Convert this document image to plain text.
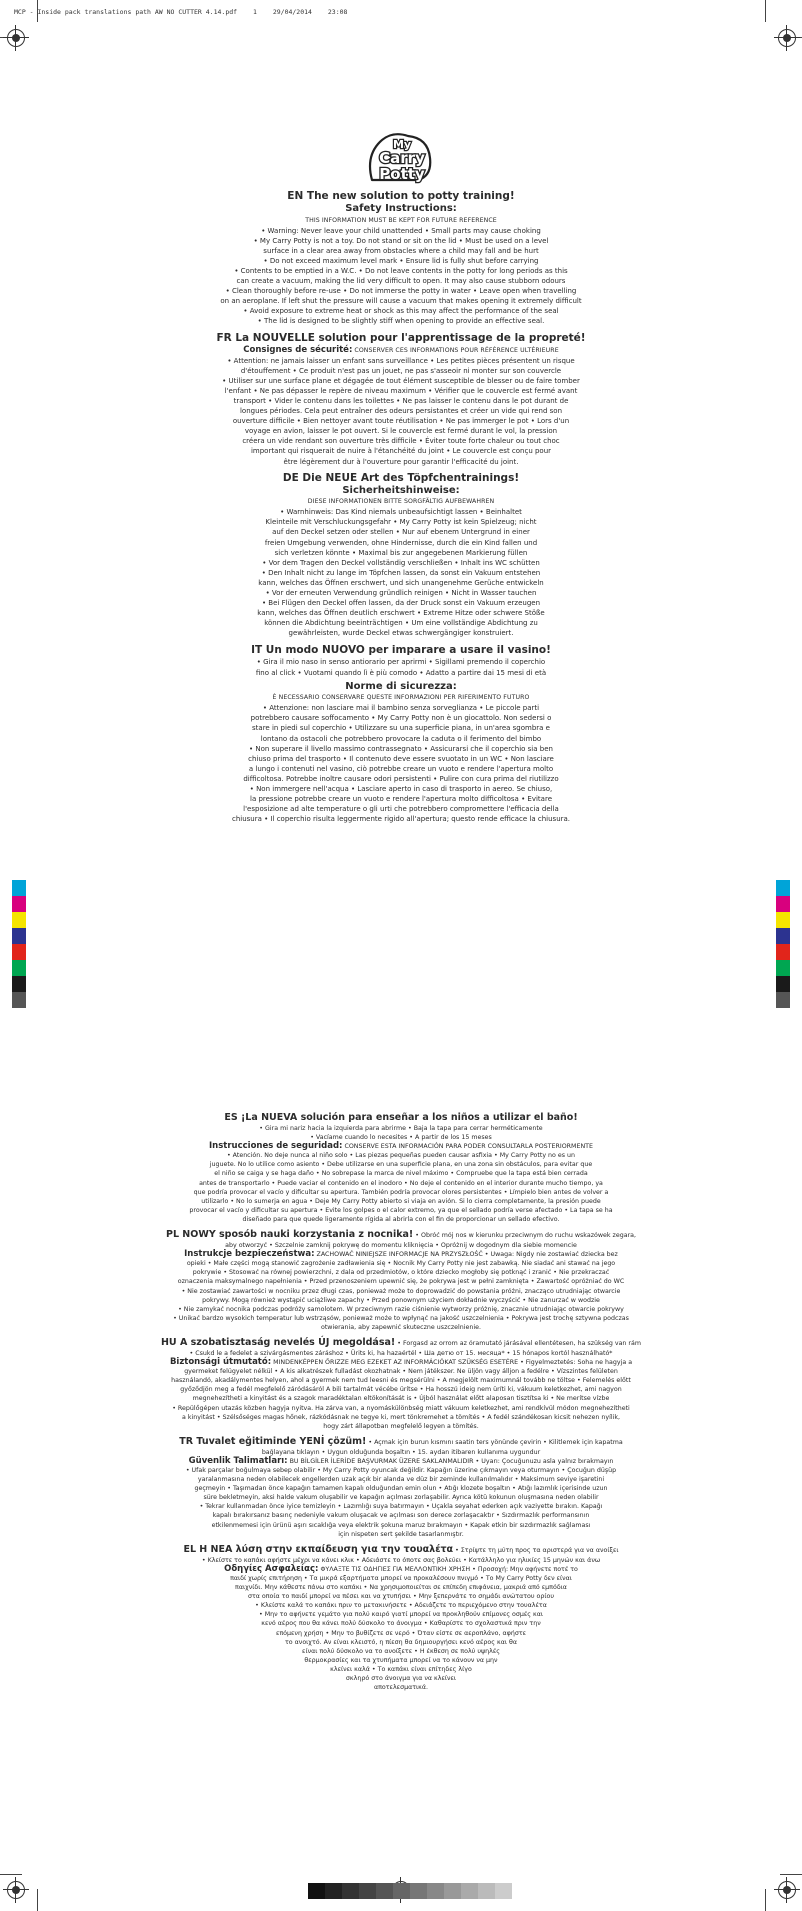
MCP - Inside pack translations path AW NO CUTTER 4.14.pdf 1 29/04/2014 23:08
My
Carry
Potty

EN The new solution to potty training!

Safety Instructions:

THIS INFORMATION MUST BE KEPT FOR FUTURE REFERENCE

• Warning: Never leave your child unattended • Small parts may cause choking

• My Carry Potty is not a toy. Do not stand or sit on the lid • Must be used on a level

surface in a clear area away from obstacles where a child may fall and be hurt

• Do not exceed maximum level mark • Ensure lid is fully shut before carrying

• Contents to be emptied in a W.C. • Do not leave contents in the potty for long periods as this

can create a vacuum, making the lid very difficult to open. It may also cause stubborn odours

• Clean thoroughly before re-use • Do not immerse the potty in water • Leave open when travelling

on an aeroplane. If left shut the pressure will cause a vacuum that makes opening it extremely difficult

• Avoid exposure to extreme heat or shock as this may affect the performance of the seal

• The lid is designed to be slightly stiff when opening to provide an effective seal.

FR La NOUVELLE solution pour l'apprentissage de la propreté!

Consignes de sécurité: CONSERVER CES INFORMATIONS POUR RÉFÉRENCE ULTÉRIEURE

• Attention: ne jamais laisser un enfant sans surveillance • Les petites pièces présentent un risque

d'étouffement • Ce produit n'est pas un jouet, ne pas s'asseoir ni monter sur son couvercle

• Utiliser sur une surface plane et dégagée de tout élément susceptible de blesser ou de faire tomber

l'enfant • Ne pas dépasser le repère de niveau maximum • Vérifier que le couvercle est fermé avant

transport • Vider le contenu dans les toilettes • Ne pas laisser le contenu dans le pot durant de

longues périodes. Cela peut entraîner des odeurs persistantes et créer un vide qui rend son

ouverture difficile • Bien nettoyer avant toute réutilisation • Ne pas immerger le pot • Lors d'un

voyage en avion, laisser le pot ouvert. Si le couvercle est fermé durant le vol, la pression

créera un vide rendant son ouverture très difficile • Éviter toute forte chaleur ou tout choc

important qui risquerait de nuire à l'étanchéité du joint • Le couvercle est conçu pour

être légèrement dur à l'ouverture pour garantir l'efficacité du joint.

DE Die NEUE Art des Töpfchentrainings!

Sicherheitshinweise:

DIESE INFORMATIONEN BITTE SORGFÄLTIG AUFBEWAHREN

• Warnhinweis: Das Kind niemals unbeaufsichtigt lassen • Beinhaltet

Kleinteile mit Verschluckungsgefahr • My Carry Potty ist kein Spielzeug; nicht

auf den Deckel setzen oder stellen • Nur auf ebenem Untergrund in einer

freien Umgebung verwenden, ohne Hindernisse, durch die ein Kind fallen und

sich verletzen könnte • Maximal bis zur angegebenen Markierung füllen

• Vor dem Tragen den Deckel vollständig verschließen • Inhalt ins WC schütten

• Den Inhalt nicht zu lange im Töpfchen lassen, da sonst ein Vakuum entstehen

kann, welches das Öffnen erschwert, und sich unangenehme Gerüche entwickeln

• Vor der erneuten Verwendung gründlich reinigen • Nicht in Wasser tauchen

• Bei Flügen den Deckel offen lassen, da der Druck sonst ein Vakuum erzeugen

kann, welches das Öffnen deutlich erschwert • Extreme Hitze oder schwere Stöße

können die Abdichtung beeinträchtigen • Um eine vollständige Abdichtung zu

gewährleisten, wurde Deckel etwas schwergängiger konstruiert.

IT Un modo NUOVO per imparare a usare il vasino!

• Gira il mio naso in senso antiorario per aprirmi • Sigillami premendo il coperchio

fino al click • Vuotami quando lì è più comodo • Adatto a partire dai 15 mesi di età

Norme di sicurezza:

È NECESSARIO CONSERVARE QUESTE INFORMAZIONI PER RIFERIMENTO FUTURO

• Attenzione: non lasciare mai il bambino senza sorveglianza • Le piccole parti

potrebbero causare soffocamento • My Carry Potty non è un giocattolo. Non sedersi o

stare in piedi sul coperchio • Utilizzare su una superficie piana, in un'area sgombra e

lontano da ostacoli che potrebbero provocare la caduta o il ferimento del bimbo

• Non superare il livello massimo contrassegnato • Assicurarsi che il coperchio sia ben

chiuso prima del trasporto • Il contenuto deve essere svuotato in un WC • Non lasciare

a lungo i contenuti nel vasino, ciò potrebbe creare un vuoto e rendere l'apertura molto

difficoltosa. Potrebbe inoltre causare odori persistenti • Pulire con cura prima del riutilizzo

• Non immergere nell'acqua • Lasciare aperto in caso di trasporto in aereo. Se chiuso,

la pressione potrebbe creare un vuoto e rendere l'apertura molto difficoltosa • Evitare

l'esposizione ad alte temperature o gli urti che potrebbero compromettere l'efficacia della

chiusura • Il coperchio risulta leggermente rigido all'apertura; questo rende efficace la chiusura.

ES ¡La NUEVA solución para enseñar a los niños a utilizar el baño!

• Gira mi nariz hacia la izquierda para abrirme • Baja la tapa para cerrar herméticamente

• Vacíame cuando lo necesites • A partir de los 15 meses

Instrucciones de seguridad: CONSERVE ESTA INFORMACIÓN PARA PODER CONSULTARLA POSTERIORMENTE

• Atención. No deje nunca al niño solo • Las piezas pequeñas pueden causar asfixia • My Carry Potty no es un

juguete. No lo utilice como asiento • Debe utilizarse en una superficie plana, en una zona sin obstáculos, para evitar que

el niño se caiga y se haga daño • No sobrepase la marca de nivel máximo • Compruebe que la tapa está bien cerrada

antes de transportarlo • Puede vaciar el contenido en el inodoro • No deje el contenido en el interior durante mucho tiempo, ya

que podría provocar el vacío y dificultar su apertura. También podría provocar olores persistentes • Límpielo bien antes de volver a

utilizarlo • No lo sumerja en agua • Deje My Carry Potty abierto si viaja en avión. Si lo cierra completamente, la presión puede

provocar el vacío y dificultar su apertura • Evite los golpes o el calor extremo, ya que el sellado podría verse afectado • La tapa se ha

diseñado para que quede ligeramente rígida al abrirla con el fin de proporcionar un sellado efectivo.

PL NOWY sposób nauki korzystania z nocnika! • Obróć mój nos w kierunku przeciwnym do ruchu wskazówek zegara,

aby otworzyć • Szczelnie zamknij pokrywę do momentu kliknięcia • Opróżnij w dogodnym dla siebie momencie

Instrukcje bezpieczeństwa: ZACHOWAĆ NINIEJSZE INFORMACJE NA PRZYSZŁOŚĆ • Uwaga: Nigdy nie zostawiać dziecka bez

opieki • Małe części mogą stanowić zagrożenie zadławienia się • Nocnik My Carry Potty nie jest zabawką. Nie siadać ani stawać na jego

pokrywie • Stosować na równej powierzchni, z dala od przedmiotów, o które dziecko mogłoby się potknąć i zranić • Nie przekraczać

oznaczenia maksymalnego napełnienia • Przed przenoszeniem upewnić się, że pokrywa jest w pełni zamknięta • Zawartość opróżniać do WC

• Nie zostawiać zawartości w nocniku przez długi czas, ponieważ może to doprowadzić do powstania próżni, znacząco utrudniając otwarcie

pokrywy. Mogą również wystąpić uciążliwe zapachy • Przed ponownym użyciem dokładnie wyczyścić • Nie zanurzać w wodzie

• Nie zamykać nocnika podczas podróży samolotem. W przeciwnym razie ciśnienie wytworzy próżnię, znacznie utrudniając otwarcie pokrywy

• Unikać bardzo wysokich temperatur lub wstrząsów, ponieważ może to wpłynąć na jakość uszczelnienia • Pokrywa jest trochę sztywna podczas

otwierania, aby zapewnić skuteczne uszczelnienie.

HU A szobatisztaság nevelés ÚJ megoldása! • Forgasd az orrom az óramutató járásával ellentétesen, ha szükség van rám

• Csukd le a fedelet a szivárgásmentes záráshoz • Ürits ki, ha hazaértél • Ша детю от 15. месяца* • 15 hónapos kortól használható*

Biztonsági útmutató: MINDENKÉPPEN ŐRIZZE MEG EZEKET AZ INFORMÁCIÓKAT SZÜKSÉG ESETÉRE • Figyelmeztetés: Soha ne hagyja a

gyermeket felügyelet nélkül • A kis alkatrészek fulladást okozhatnak • Nem játékszer. Ne üljön vagy álljon a fedélre • Vízszintes felületen

használandó, akadálymentes helyen, ahol a gyermek nem tud leesni és megsérülni • A megjelölt maximumnál tovább ne töltse • Felemelés előtt

győződjön meg a fedél megfelelő záródásáról A bili tartalmát vécébe ürítse • Ha hosszú ideig nem üríti ki, vákuum keletkezhet, ami nagyon

megnehezítheti a kinyitást és a szagok maradéktalan eltökonítását is • Újból használat előtt alaposan tisztítsa ki • Ne merítse vízbe

• Repülőgépen utazás közben hagyja nyitva. Ha zárva van, a nyomáskülönbség miatt vákuum keletkezhet, ami rendkívül módon megnehezítheti

a kinyitást • Szélsőséges magas hőnek, rázkódásnak ne tegye ki, mert tönkremehet a tömítés • A fedél szándékosan kicsit nehezen nyílik,

hogy zárt állapotban megfelelő legyen a tömítés.

TR Tuvalet eğitiminde YENİ çözüm! • Açmak için burun kısmını saatin ters yönünde çevirin • Kilitlemek için kapatma

bağlayana tıklayın • Uygun olduğunda boşaltın • 15. aydan itibaren kullanıma uygundur

Güvenlik Talimatları: BU BİLGİLER İLERİDE BAŞVURMAK ÜZERE SAKLANMALIDIR • Uyarı: Çocuğunuzu asla yalnız bırakmayın

• Ufak parçalar boğulmaya sebep olabilir • My Carry Potty oyuncak değildir. Kapağın üzerine çıkmayın veya oturmayın • Çocuğun düşüp

yaralanmasına neden olabilecek engellerden uzak açık bir alanda ve düz bir zeminde kullanılmalıdır • Maksimum seviye işaretini

geçmeyin • Taşımadan önce kapağın tamamen kapalı olduğundan emin olun • Atığı klozete boşaltın • Atığı lazımlık içerisinde uzun

süre bekletmeyin, aksi halde vakum oluşabilir ve kapağın açılması zorlaşabilir. Ayrıca kötü kokunun oluşmasına neden olabilir

• Tekrar kullanmadan önce iyice temizleyin • Lazımlığı suya batırmayın • Uçakla seyahat ederken açık vaziyette bırakın. Kapağı

kapalı bırakırsanız basınç nedeniyle vakum oluşacak ve açılması son derece zorlaşacaktır • Sızdırmazlık performansının

etkilenmemesi için ürünü aşırı sıcaklığa veya elektrik şokuna maruz bırakmayın • Kapak etkin bir sızdırmazlık sağlaması

için nispeten sert şekilde tasarlanmıştır.

EL Η ΝΕΑ λύση στην εκπαίδευση για την τουαλέτα • Στρίψτε τη μύτη προς τα αριστερά για να ανοίξει

• Κλείστε το καπάκι αφήστε μέχρι να κάνει κλικ • Αδειάστε το όποτε σας βολεύει • Κατάλληλο για ηλικίες 15 μηνών και άνω

Οδηγίες Ασφαλείας: ΦΥΛΑΞΤΕ ΤΙΣ ΟΔΗΓΙΕΣ ΓΙΑ ΜΕΛΛΟΝΤΙΚΗ ΧΡΗΣΗ • Προσοχή: Μην αφήνετε ποτέ το

παιδί χωρίς επιτήρηση • Τα μικρά εξαρτήματα μπορεί να προκαλέσουν πνιγμό • Το My Carry Potty δεν είναι

παιχνίδι. Μην κάθεστε πάνω στο καπάκι • Να χρησιμοποιείται σε επίπεδη επιφάνεια, μακριά από εμπόδια

στα οποία το παιδί μπορεί να πέσει και να χτυπήσει • Μην ξεπερνάτε το σημάδι ανώτατου ορίου

• Κλείστε καλά το καπάκι πριν το μετακινήσετε • Αδειάζετε το περιεχόμενο στην τουαλέτα

• Μην το αφήνετε γεμάτο για πολύ καιρό γιατί μπορεί να προκληθούν επίμονες οσμές και

κενό αέρος που θα κάνει πολύ δύσκολο το άνοιγμα • Καθαρίστε το σχολαστικά πριν την

επόμενη χρήση • Μην το βυθίζετε σε νερό • Όταν είστε σε αεροπλάνο, αφήστε

το ανοιχτό. Αν είναι κλειστό, η πίεση θα δημιουργήσει κενό αέρος και θα

είναι πολύ δύσκολο να το ανοίξετε • Η έκθεση σε πολύ υψηλές

θερμοκρασίες και τα χτυπήματα μπορεί να το κάνουν να μην

κλείνει καλά • Το καπάκι είναι επίτηδες λίγο

σκληρό στο άνοιγμα για να κλείνει

αποτελεσματικά.
